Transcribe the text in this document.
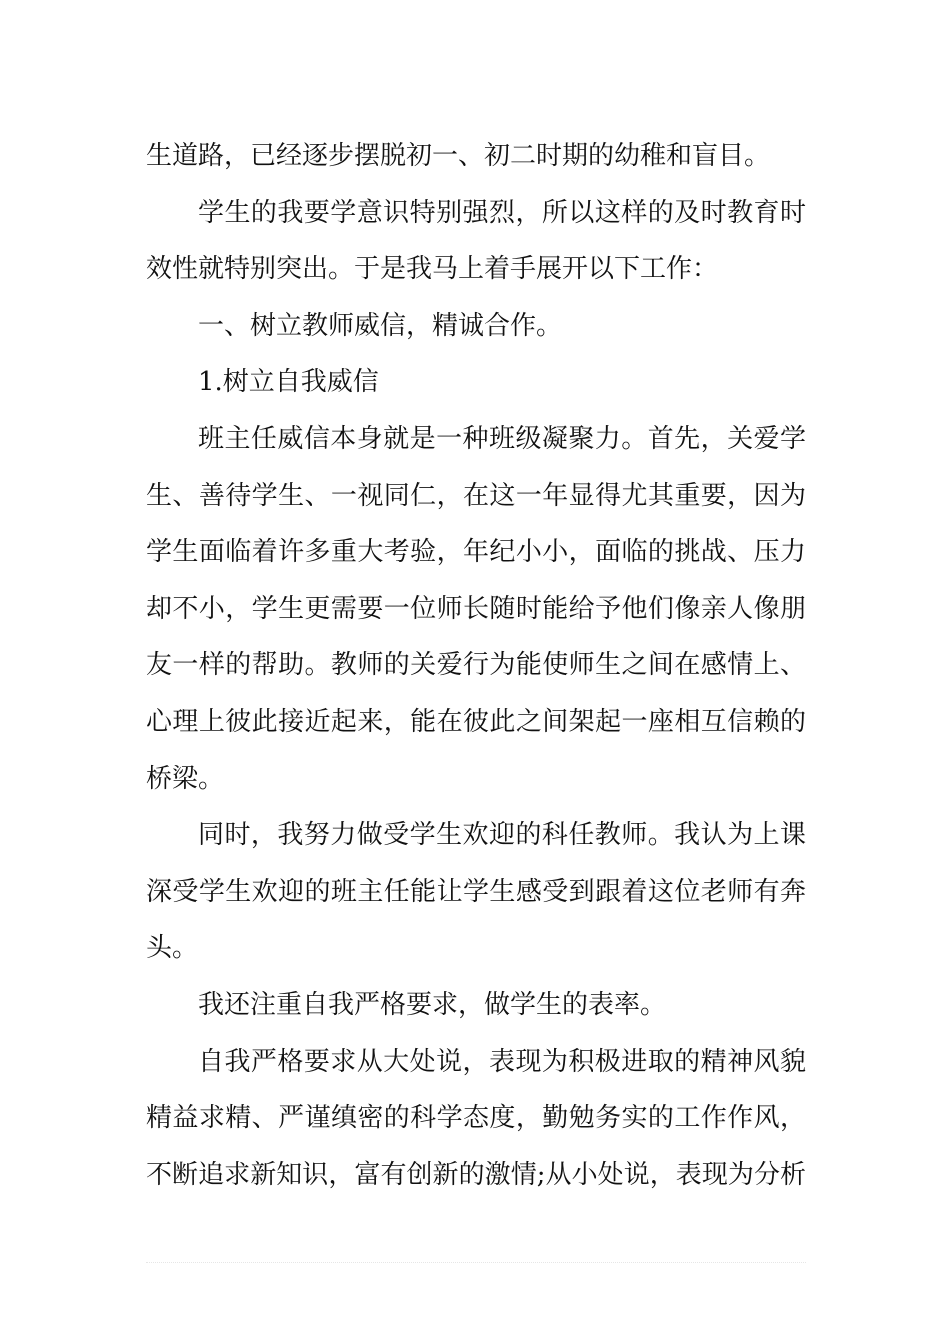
生道路，已经逐步摆脱初一、初二时期的幼稚和盲目。
学生的我要学意识特别强烈，所以这样的及时教育时
效性就特别突出。于是我马上着手展开以下工作：
一、树立教师威信，精诚合作。
1.树立自我威信
班主任威信本身就是一种班级凝聚力。首先，关爱学
生、善待学生、一视同仁，在这一年显得尤其重要，因为
学生面临着许多重大考验，年纪小小，面临的挑战、压力
却不小，学生更需要一位师长随时能给予他们像亲人像朋
友一样的帮助。教师的关爱行为能使师生之间在感情上、
心理上彼此接近起来，能在彼此之间架起一座相互信赖的
桥梁。
同时，我努力做受学生欢迎的科任教师。我认为上课
深受学生欢迎的班主任能让学生感受到跟着这位老师有奔
头。
我还注重自我严格要求，做学生的表率。
自我严格要求从大处说，表现为积极进取的精神风貌
精益求精、严谨缜密的科学态度，勤勉务实的工作作风，
不断追求新知识，富有创新的激情;从小处说，表现为分析
